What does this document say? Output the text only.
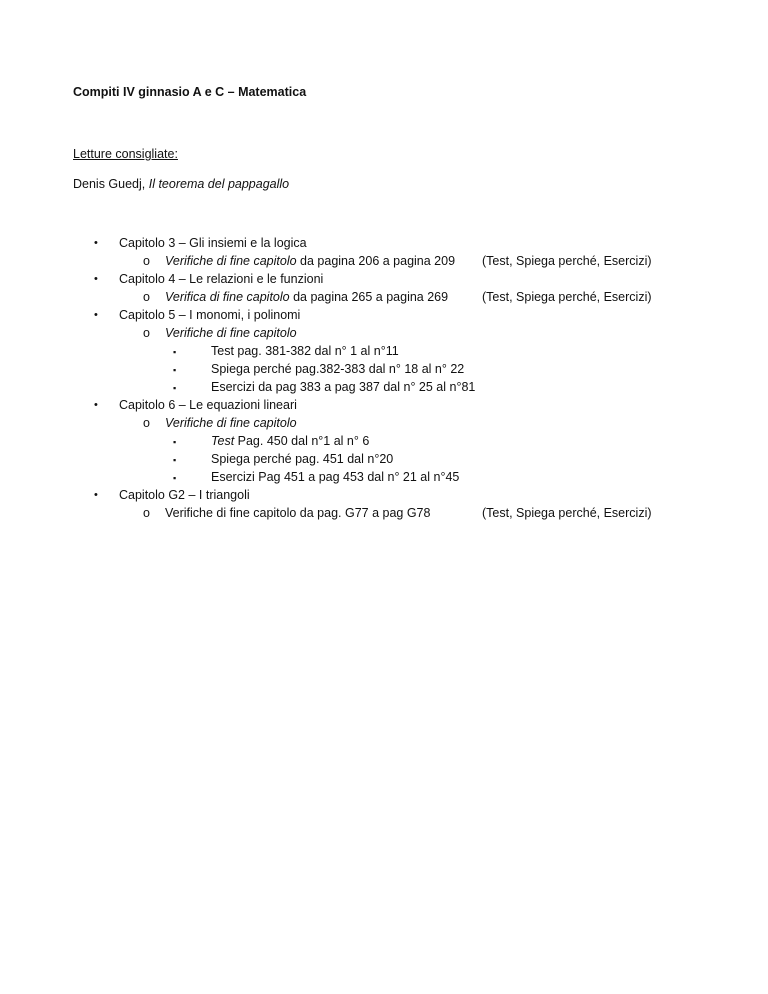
Compiti IV ginnasio A e C – Matematica
Letture consigliate:
Denis Guedj, Il teorema del pappagallo
• Capitolo 3 – Gli insiemi e la logica
o Verifiche di fine capitolo da pagina 206 a pagina 209 (Test, Spiega perché, Esercizi)
• Capitolo 4 – Le relazioni e le funzioni
o Verifica di fine capitolo da pagina 265 a pagina 269	(Test, Spiega perché, Esercizi)
• Capitolo 5 – I monomi, i polinomi
o Verifiche di fine capitolo
▪	Test pag. 381-382 dal n° 1 al n°11
▪	Spiega perché pag.382-383 dal n° 18 al n° 22
▪	Esercizi da pag 383 a pag 387 dal n° 25 al n°81
• Capitolo 6 – Le equazioni lineari
o Verifiche di fine capitolo
▪	Test Pag. 450 dal n°1 al n° 6
▪	Spiega perché pag. 451 dal n°20
▪	Esercizi Pag 451 a pag 453 dal n° 21 al n°45
• Capitolo G2 – I triangoli
o Verifiche di fine capitolo da pag. G77 a pag G78	(Test, Spiega perché, Esercizi)
